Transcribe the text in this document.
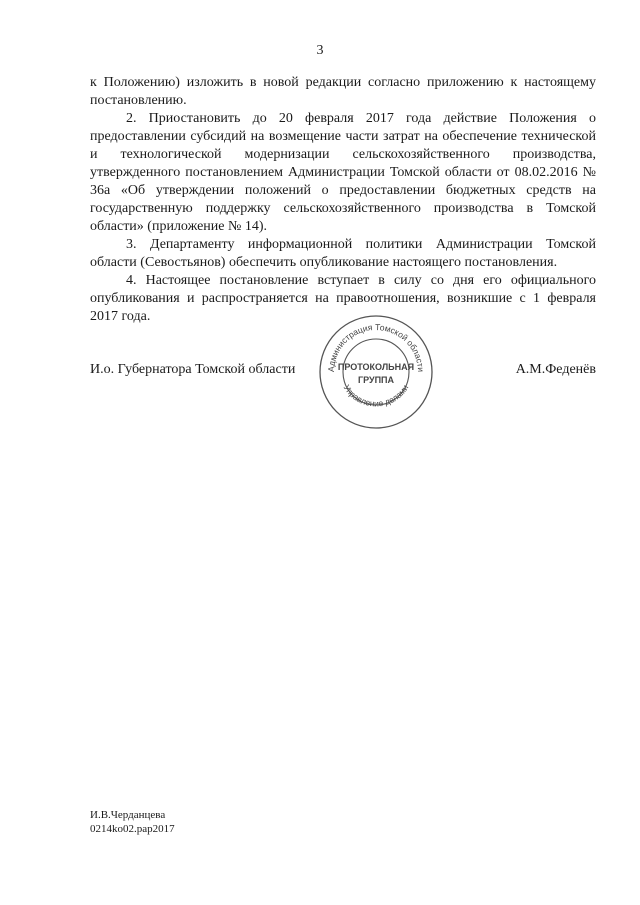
3

к Положению) изложить в новой редакции согласно приложению к настоящему постановлению.

2. Приостановить до 20 февраля 2017 года действие Положения о предоставлении субсидий на возмещение части затрат на обеспечение технической и технологической модернизации сельскохозяйственного производства, утвержденного постановлением Администрации Томской области от 08.02.2016 № 36а «Об утверждении положений о предоставлении бюджетных средств на государственную поддержку сельскохозяйственного производства в Томской области» (приложение № 14).

3. Департаменту информационной политики Администрации Томской области (Севостьянов) обеспечить опубликование настоящего постановления.

4. Настоящее постановление вступает в силу со дня его официального опубликования и распространяется на правоотношения, возникшие с 1 февраля 2017 года.

И.о. Губернатора Томской области	А.М.Феденёв
Администрация Томской области
Управление делами
ПРОТОКОЛЬНАЯ
ГРУППА
И.В.Черданцева
0214ko02.pap2017
